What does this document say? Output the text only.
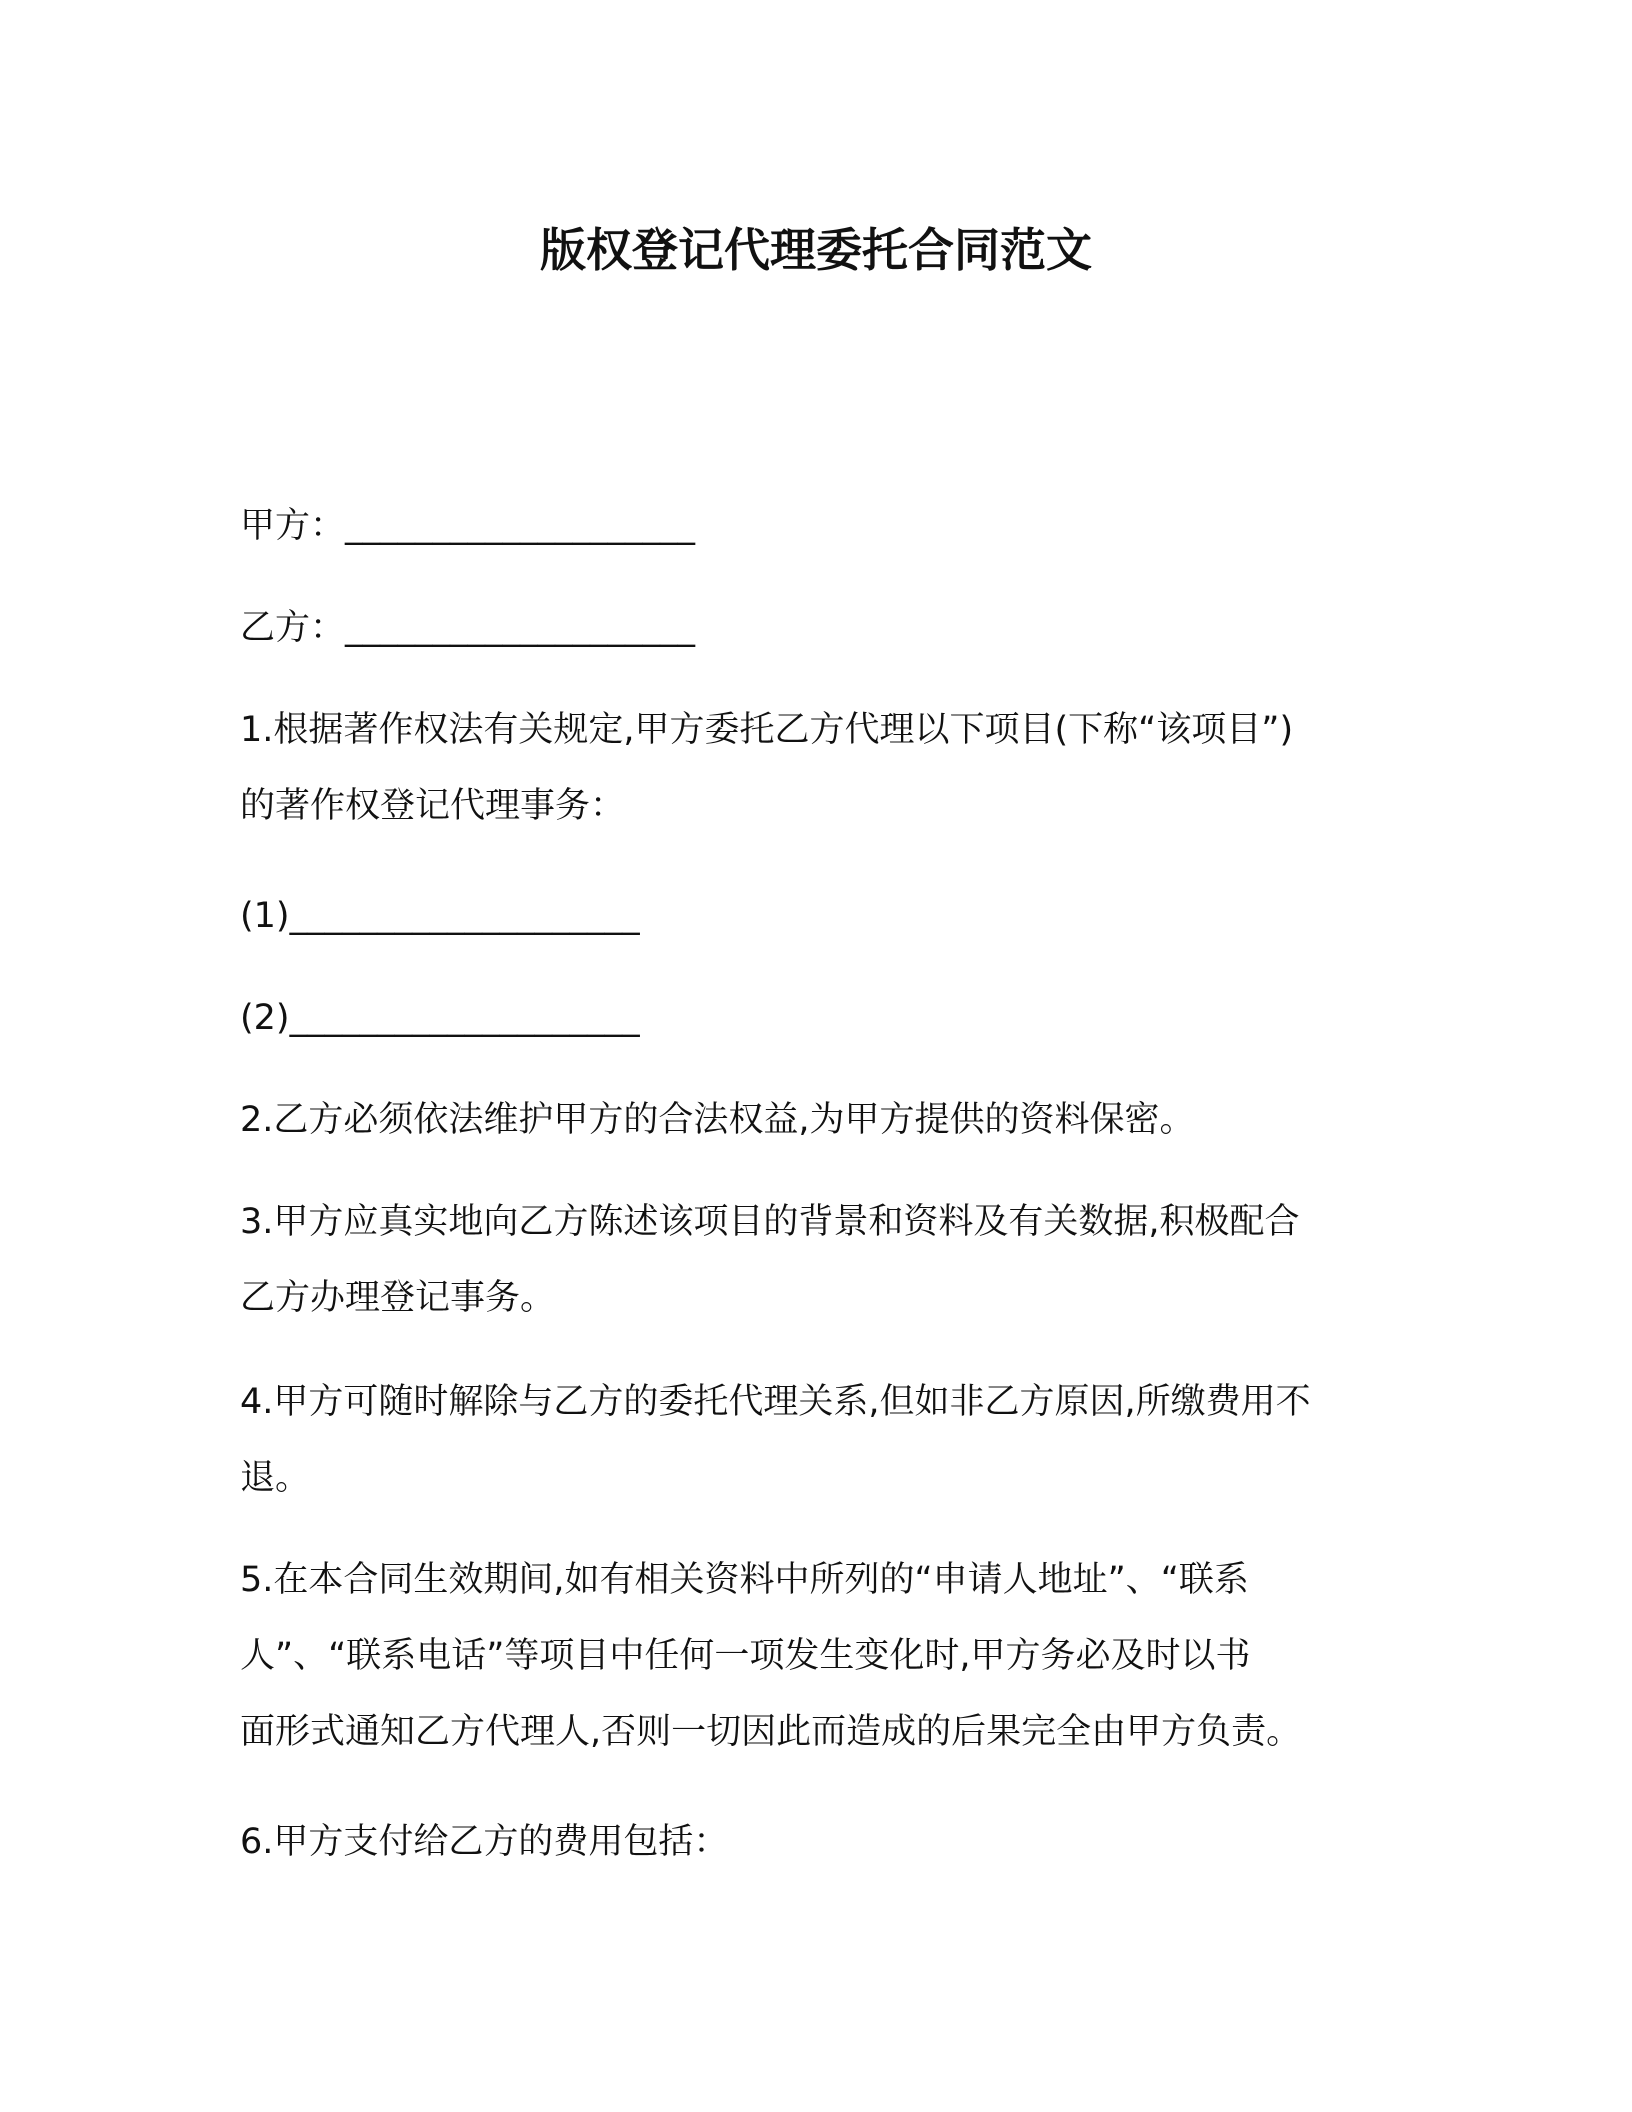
版权登记代理委托合同范文
甲方：____________________
乙方：____________________
1.根据著作权法有关规定,甲方委托乙方代理以下项目(下称“该项目”)
的著作权登记代理事务：
(1)____________________
(2)____________________
2.乙方必须依法维护甲方的合法权益,为甲方提供的资料保密。
3.甲方应真实地向乙方陈述该项目的背景和资料及有关数据,积极配合
乙方办理登记事务。
4.甲方可随时解除与乙方的委托代理关系,但如非乙方原因,所缴费用不
退。
5.在本合同生效期间,如有相关资料中所列的“申请人地址”、“联系
人”、“联系电话”等项目中任何一项发生变化时,甲方务必及时以书
面形式通知乙方代理人,否则一切因此而造成的后果完全由甲方负责。
6.甲方支付给乙方的费用包括：
